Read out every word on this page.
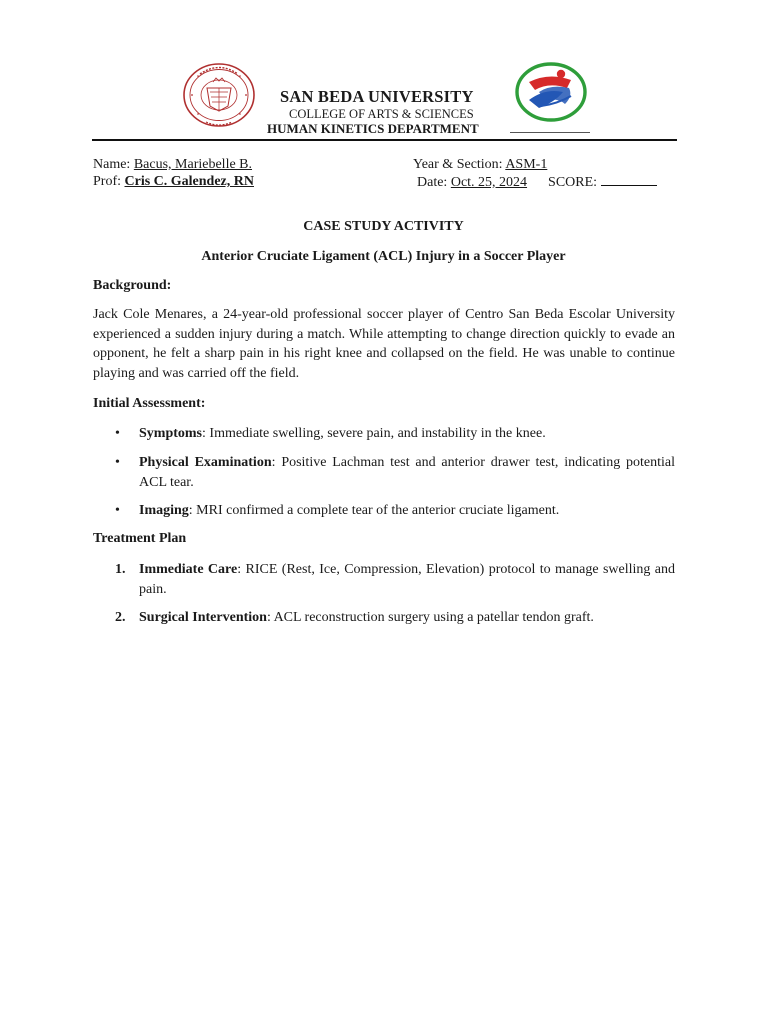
SAN BEDA UNIVERSITY
COLLEGE OF ARTS & SCIENCES
HUMAN KINETICS DEPARTMENT
Name: Bacus, Mariebelle B.	Year & Section: ASM-1
Prof: Cris C. Galendez, RN	Date: Oct. 25, 2024 SCORE:
CASE STUDY ACTIVITY
Anterior Cruciate Ligament (ACL) Injury in a Soccer Player
Background:
Jack Cole Menares, a 24-year-old professional soccer player of Centro San Beda Escolar University experienced a sudden injury during a match. While attempting to change direction quickly to evade an opponent, he felt a sharp pain in his right knee and collapsed on the field. He was unable to continue playing and was carried off the field.
Initial Assessment:
•	Symptoms: Immediate swelling, severe pain, and instability in the knee.
•	Physical Examination: Positive Lachman test and anterior drawer test, indicating potential ACL tear.
•	Imaging: MRI confirmed a complete tear of the anterior cruciate ligament.
Treatment Plan
1. Immediate Care: RICE (Rest, Ice, Compression, Elevation) protocol to manage swelling and pain.
2. Surgical Intervention: ACL reconstruction surgery using a patellar tendon graft.
